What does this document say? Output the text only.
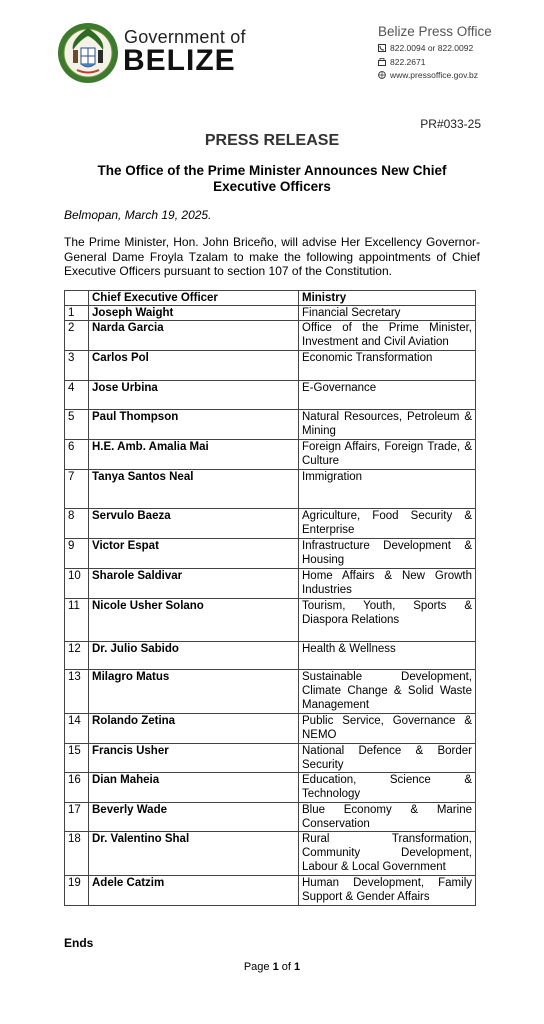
Government of
BELIZE
Belize Press Office
822.0094 or 822.0092
822.2671
www.pressoffice.gov.bz
PR#033-25
PRESS RELEASE
The Office of the Prime Minister Announces New Chief Executive Officers
Belmopan, March 19, 2025.
The Prime Minister, Hon. John Briceño, will advise Her Excellency Governor-General Dame Froyla Tzalam to make the following appointments of Chief Executive Officers pursuant to section 107 of the Constitution.
	Chief Executive Officer	Ministry
1	Joseph Waight	Financial Secretary
2	Narda Garcia	Office of the Prime Minister, Investment and Civil Aviation
3	Carlos Pol	Economic Transformation
4	Jose Urbina	E-Governance
5	Paul Thompson	Natural Resources, Petroleum & Mining
6	H.E. Amb. Amalia Mai	Foreign Affairs, Foreign Trade, & Culture
7	Tanya Santos Neal	Immigration
8	Servulo Baeza	Agriculture, Food Security & Enterprise
9	Victor Espat	Infrastructure Development & Housing
10	Sharole Saldivar	Home Affairs & New Growth Industries
11	Nicole Usher Solano	Tourism, Youth, Sports & Diaspora Relations
12	Dr. Julio Sabido	Health & Wellness
13	Milagro Matus	Sustainable Development, Climate Change & Solid Waste Management
14	Rolando Zetina	Public Service, Governance & NEMO
15	Francis Usher	National Defence & Border Security
16	Dian Maheia	Education, Science & Technology
17	Beverly Wade	Blue Economy & Marine Conservation
18	Dr. Valentino Shal	Rural Transformation, Community Development, Labour & Local Government
19	Adele Catzim	Human Development, Family Support & Gender Affairs
Ends
Page 1 of 1
